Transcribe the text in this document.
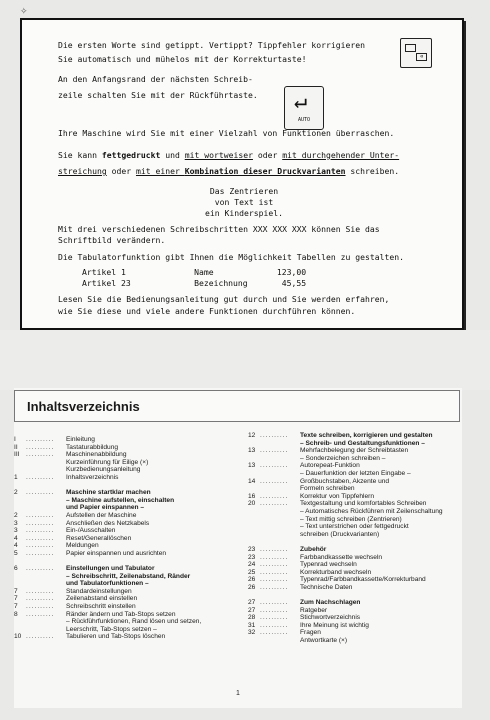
✧
Die ersten Worte sind getippt. Vertippt? Tippfehler korrigieren
Sie automatisch und mühelos mit der Korrekturtaste!
An den Anfangsrand der nächsten Schreib-
zeile schalten Sie mit der Rückführtaste.
⌫
↵
AUTO
Ihre Maschine wird Sie mit einer Vielzahl von Funktionen überraschen.
Sie kann fettgedruckt und mit wortweiser oder mit durchgehender Unter-
streichung oder mit einer Kombination dieser Druckvarianten schreiben.
Das Zentrieren
von Text ist
ein Kinderspiel.
Mit drei verschiedenen Schreibschritten XXX XXX XXX können Sie das
Schriftbild verändern.
Die Tabulatorfunktion gibt Ihnen die Möglichkeit Tabellen zu gestalten.
Artikel 1              Name             123,00
Artikel 23             Bezeichnung       45,55
Lesen Sie die Bedienungsanleitung gut durch und Sie werden erfahren,
wie Sie diese und viele andere Funktionen durchführen können.
Inhaltsverzeichnis
I .......... Einleitung
II .......... Tastaturabbildung
III .......... Maschinenabbildung
Kurzeinführung für Eilige (×)
Kurzbedienungsanleitung
1 .......... Inhaltsverzeichnis
2 .......... Maschine startklar machen
– Maschine aufstellen, einschalten
und Papier einspannen –
2 .......... Aufstellen der Maschine
3 .......... Anschließen des Netzkabels
3 .......... Ein-/Ausschalten
4 .......... Reset/Generallöschen
4 .......... Meldungen
5 .......... Papier einspannen und ausrichten
6 .......... Einstellungen und Tabulator
– Schreibschritt, Zeilenabstand, Ränder
und Tabulatorfunktionen –
7 .......... Standardeinstellungen
7 .......... Zeilenabstand einstellen
7 .......... Schreibschritt einstellen
8 .......... Ränder ändern und Tab-Stops setzen
– Rückführfunktionen, Rand lösen und setzen,
Leerschritt, Tab-Stops setzen –
10 .......... Tabulieren und Tab-Stops löschen
12 .......... Texte schreiben, korrigieren und gestalten
– Schreib- und Gestaltungsfunktionen –
13 .......... Mehrfachbelegung der Schreibtasten
– Sonderzeichen schreiben –
13 .......... Autorepeat-Funktion
– Dauerfunktion der letzten Eingabe –
14 .......... Großbuchstaben, Akzente und
Formeln schreiben
16 .......... Korrektur von Tippfehlern
20 .......... Textgestaltung und komfortables Schreiben
– Automatisches Rückführen mit Zeilenschaltung
– Text mittig schreiben (Zentrieren)
– Text unterstrichen oder fettgedruckt
schreiben (Druckvarianten)
23 .......... Zubehör
23 .......... Farbbandkassette wechseln
24 .......... Typenrad wechseln
25 .......... Korrekturband wechseln
26 .......... Typenrad/Farbbandkassette/Korrekturband
26 .......... Technische Daten
27 .......... Zum Nachschlagen
27 .......... Ratgeber
28 .......... Stichwortverzeichnis
31 .......... Ihre Meinung ist wichtig
32 .......... Fragen
Antwortkarte (×)
1
